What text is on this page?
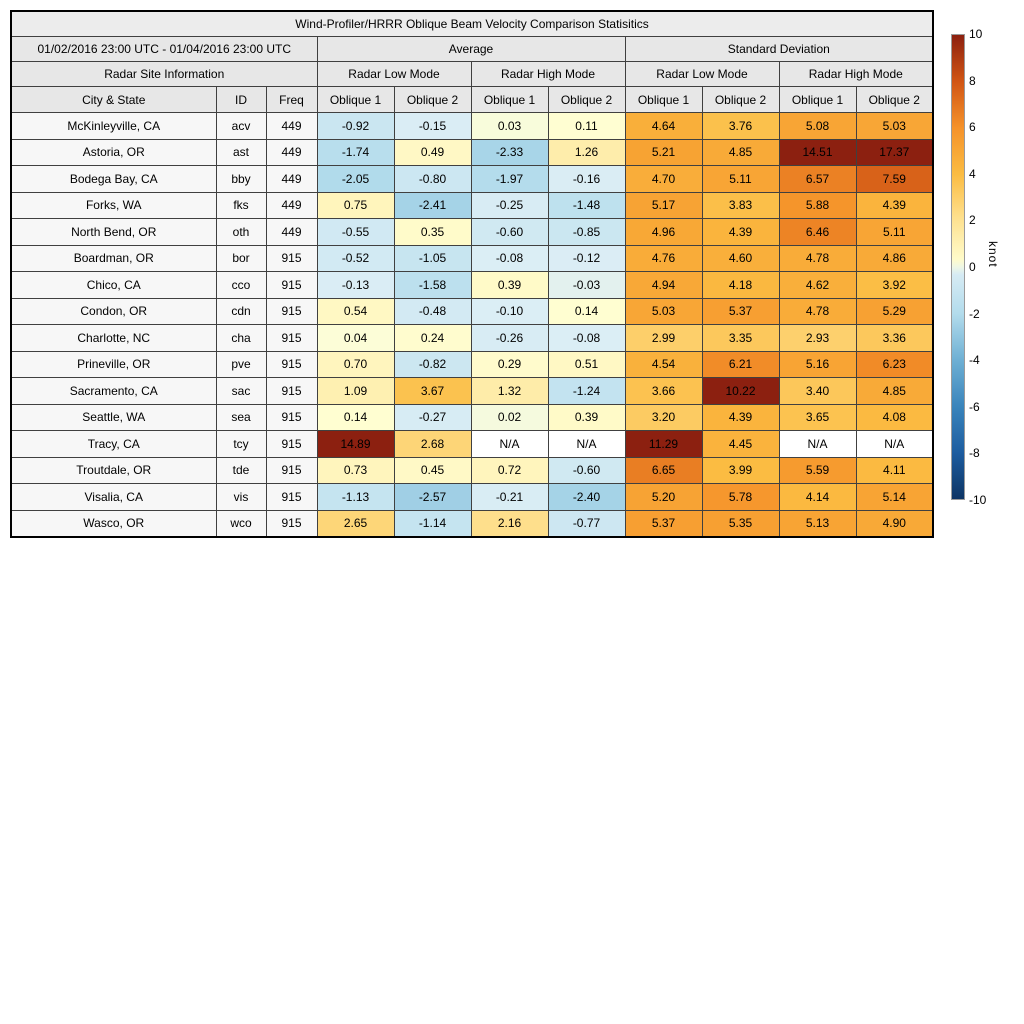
Wind-Profiler/HRRR Oblique Beam Velocity Comparison Statisitics										
01/02/2016 23:00 UTC - 01/04/2016 23:00 UTC			Average				Standard Deviation			
Radar Site Information			Radar Low Mode		Radar High Mode		Radar Low Mode		Radar High Mode	
City & State	ID	Freq	Oblique 1	Oblique 2	Oblique 1	Oblique 2	Oblique 1	Oblique 2	Oblique 1	Oblique 2
McKinleyville, CA	acv	449	-0.92	-0.15	0.03	0.11	4.64	3.76	5.08	5.03
Astoria, OR	ast	449	-1.74	0.49	-2.33	1.26	5.21	4.85	14.51	17.37
Bodega Bay, CA	bby	449	-2.05	-0.80	-1.97	-0.16	4.70	5.11	6.57	7.59
Forks, WA	fks	449	0.75	-2.41	-0.25	-1.48	5.17	3.83	5.88	4.39
North Bend, OR	oth	449	-0.55	0.35	-0.60	-0.85	4.96	4.39	6.46	5.11
Boardman, OR	bor	915	-0.52	-1.05	-0.08	-0.12	4.76	4.60	4.78	4.86
Chico, CA	cco	915	-0.13	-1.58	0.39	-0.03	4.94	4.18	4.62	3.92
Condon, OR	cdn	915	0.54	-0.48	-0.10	0.14	5.03	5.37	4.78	5.29
Charlotte, NC	cha	915	0.04	0.24	-0.26	-0.08	2.99	3.35	2.93	3.36
Prineville, OR	pve	915	0.70	-0.82	0.29	0.51	4.54	6.21	5.16	6.23
Sacramento, CA	sac	915	1.09	3.67	1.32	-1.24	3.66	10.22	3.40	4.85
Seattle, WA	sea	915	0.14	-0.27	0.02	0.39	3.20	4.39	3.65	4.08
Tracy, CA	tcy	915	14.89	2.68	N/A	N/A	11.29	4.45	N/A	N/A
Troutdale, OR	tde	915	0.73	0.45	0.72	-0.60	6.65	3.99	5.59	4.11
Visalia, CA	vis	915	-1.13	-2.57	-0.21	-2.40	5.20	5.78	4.14	5.14
Wasco, OR	wco	915	2.65	-1.14	2.16	-0.77	5.37	5.35	5.13	4.90
10
8
6
4
2
0
-2
-4
-6
-8
-10
knot
